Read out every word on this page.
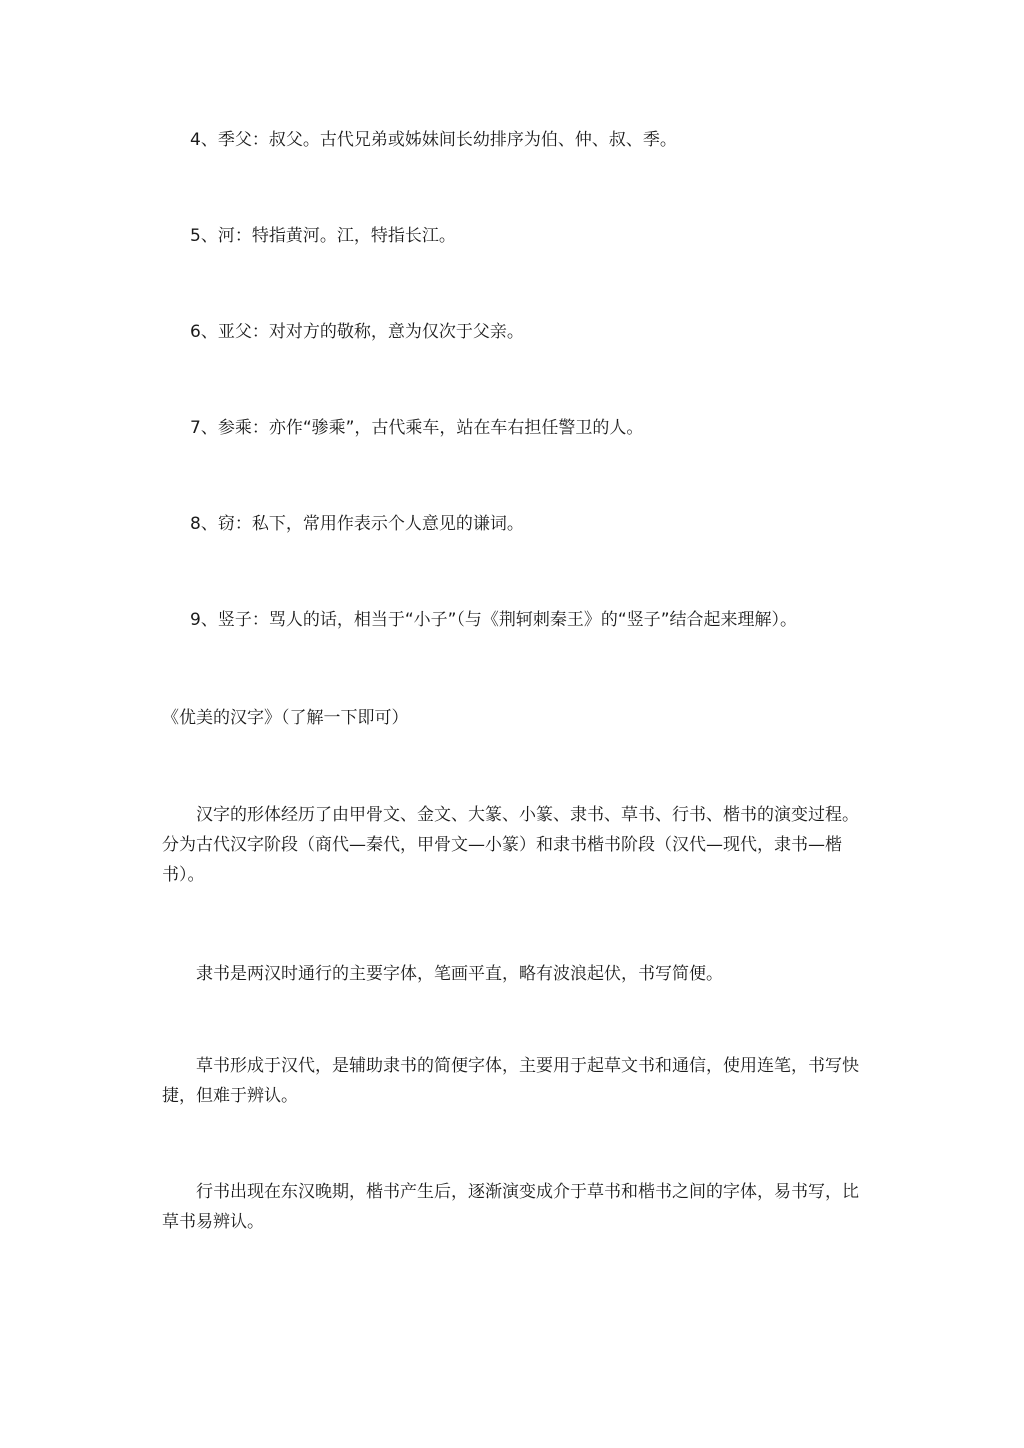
4、季父：叔父。古代兄弟或姊妹间长幼排序为伯、仲、叔、季。
5、河：特指黄河。江，特指长江。
6、亚父：对对方的敬称，意为仅次于父亲。
7、参乘：亦作“骖乘”，古代乘车，站在车右担任警卫的人。
8、窃：私下，常用作表示个人意见的谦词。
9、竖子：骂人的话，相当于“小子”（与《荆轲刺秦王》的“竖子”结合起来理解）。
《优美的汉字》（了解一下即可）
汉字的形体经历了由甲骨文、金文、大篆、小篆、隶书、草书、行书、楷书的演变过程。分为古代汉字阶段（商代—秦代，甲骨文—小篆）和隶书楷书阶段（汉代—现代，隶书—楷书）。
隶书是两汉时通行的主要字体，笔画平直，略有波浪起伏，书写简便。
草书形成于汉代，是辅助隶书的简便字体，主要用于起草文书和通信，使用连笔，书写快捷，但难于辨认。
行书出现在东汉晚期，楷书产生后，逐渐演变成介于草书和楷书之间的字体，易书写，比草书易辨认。
